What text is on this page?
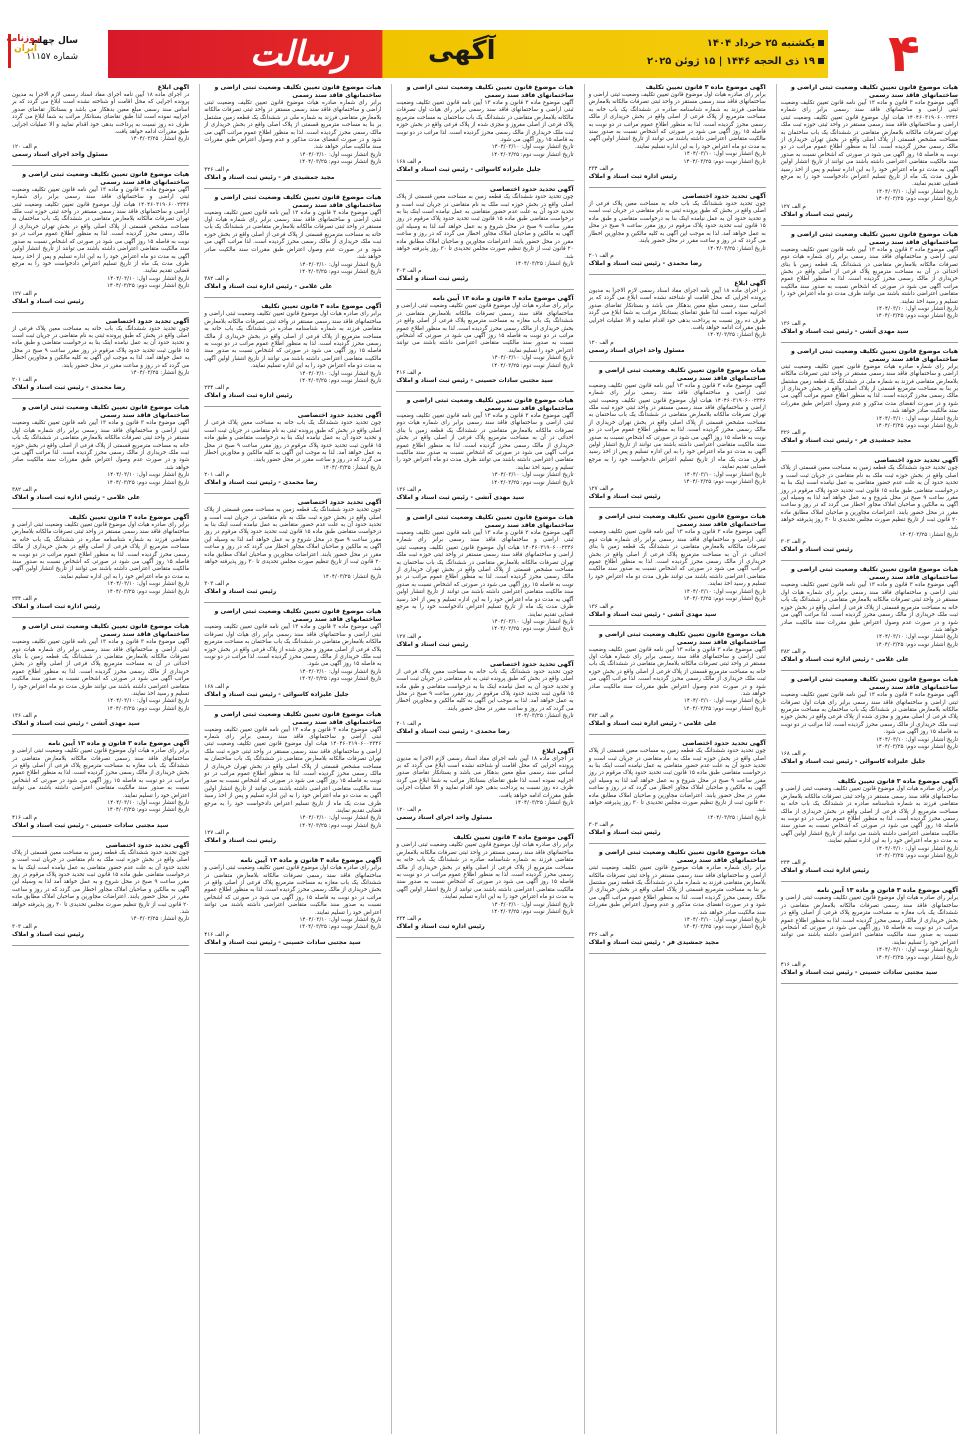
۴
یکشنبه ۲۵ خرداد ۱۴۰۴
۱۹ ذی الحجه ۱۴۴۶ | ۱۵ ژوئن ۲۰۲۵
آگهی
رسالت
سال چهلم
شماره ۱۱۱۵۷
روزنامه
ایران
هیات موضوع قانون تعیین تکلیف وضعیت ثبتی اراضی و ساختمانهای فاقد سند رسمی
آگهی موضوع ماده ۳ قانون و ماده ۱۳ آیین نامه قانون تعیین تکلیف وضعیت ثبتی اراضی و ساختمانهای فاقد سند رسمی برابر رای شماره ۱۴۰۴۶۰۳۱۹۰۶۰۰۲۳۴۶ هیات اول موضوع قانون تعیین تکلیف وضعیت ثبتی اراضی و ساختمانهای فاقد سند رسمی مستقر در واحد ثبتی حوزه ثبت ملک تهران تصرفات مالکانه بلامعارض متقاضی در ششدانگ یک باب ساختمان به مساحت مشخص قسمتی از پلاک اصلی واقع در بخش تهران خریداری از مالک رسمی محرز گردیده است. لذا به منظور اطلاع عموم مراتب در دو نوبت به فاصله ۱۵ روز آگهی می شود در صورتی که اشخاص نسبت به صدور سند مالکیت متقاضی اعتراضی داشته باشند می توانند از تاریخ انتشار اولین آگهی به مدت دو ماه اعتراض خود را به این اداره تسلیم و پس از اخذ رسید ظرف مدت یک ماه از تاریخ تسلیم اعتراض دادخواست خود را به مرجع قضایی تقدیم نمایند.
تاریخ انتشار نوبت اول: ۱۴۰۴/۰۳/۱۰
تاریخ انتشار نوبت دوم: ۱۴۰۴/۰۳/۲۵
م الف ۱۲۷
رئیس ثبت اسناد و املاک
هیات موضوع قانون تعیین تکلیف وضعیت ثبتی اراضی و ساختمانهای فاقد سند رسمی
آگهی موضوع ماده ۳ قانون و ماده ۱۳ آیین نامه قانون تعیین تکلیف وضعیت ثبتی اراضی و ساختمانهای فاقد سند رسمی برابر رای شماره هیات دوم تصرفات مالکانه بلامعارض متقاضی در ششدانگ یک قطعه زمین با بنای احداثی در آن به مساحت مترمربع پلاک فرعی از اصلی واقع در بخش خریداری از مالک رسمی محرز گردیده است. لذا به منظور اطلاع عموم مراتب آگهی می شود در صورتی که اشخاص نسبت به صدور سند مالکیت متقاضی اعتراضی داشته باشند می توانند ظرف مدت دو ماه اعتراض خود را تسلیم و رسید اخذ نمایند.
تاریخ انتشار نوبت اول: ۱۴۰۴/۰۳/۱۰
تاریخ انتشار نوبت دوم: ۱۴۰۴/۰۳/۲۵
م الف ۱۳۶
سید مهدی آتشی - رئیس ثبت اسناد و املاک
هیات موضوع قانون تعیین تکلیف وضعیت ثبتی اراضی و ساختمانهای فاقد سند رسمی
برابر رای شماره صادره هیات موضوع قانون تعیین تکلیف وضعیت ثبتی اراضی و ساختمانهای فاقد سند رسمی مستقر در واحد ثبتی تصرفات مالکانه بلامعارض متقاضی فرزند به شماره ملی در ششدانگ یک قطعه زمین مشتمل بر بنا به مساحت مترمربع قسمتی از پلاک اصلی واقع در بخش خریداری از مالک رسمی محرز گردیده است. لذا به منظور اطلاع عموم مراتب آگهی می شود و در صورت انقضای مدت مذکور و عدم وصول اعتراض طبق مقررات سند مالکیت صادر خواهد شد.
تاریخ انتشار نوبت اول: ۱۴۰۴/۰۳/۱۰
تاریخ انتشار نوبت دوم: ۱۴۰۴/۰۳/۲۵
م الف ۳۲۶
مجید جمشیدی فر - رئیس ثبت اسناد و املاک
آگهی تحدید حدود اختصاصی
چون تحدید حدود ششدانگ یک قطعه زمین به مساحت معین قسمتی از پلاک اصلی واقع در بخش حوزه ثبت ملک به نام متقاضی در جریان ثبت است و تحدید حدود آن به علت عدم حضور متقاضی به عمل نیامده است اینک بنا به درخواست متقاضی طبق ماده ۱۵ قانون ثبت تحدید حدود پلاک مرقوم در روز مقرر ساعت ۹ صبح در محل شروع و به عمل خواهد آمد لذا به وسیله این آگهی به مالکین و صاحبان املاک مجاور اخطار می گردد که در روز و ساعت مقرر در محل حضور یابند. اعتراضات مجاورین و صاحبان املاک مطابق ماده ۲۰ قانون ثبت از تاریخ تنظیم صورت مجلس تحدیدی تا ۳۰ روز پذیرفته خواهد شد.
تاریخ انتشار: ۱۴۰۴/۰۳/۲۵
م الف ۳۰۳
رئیس ثبت اسناد و املاک
هیات موضوع قانون تعیین تکلیف وضعیت ثبتی اراضی و ساختمانهای فاقد سند رسمی
آگهی موضوع ماده ۳ قانون و ماده ۱۳ آیین نامه قانون تعیین تکلیف وضعیت ثبتی اراضی و ساختمانهای فاقد سند رسمی برابر رای شماره هیات اول مستقر در واحد ثبتی تصرفات مالکانه بلامعارض متقاضی در ششدانگ یک باب خانه به مساحت مترمربع قسمتی از پلاک فرعی از اصلی واقع در بخش حوزه ثبت ملک خریداری از مالک رسمی محرز گردیده است. لذا مراتب آگهی می شود و در صورت عدم وصول اعتراض طبق مقررات سند مالکیت صادر خواهد شد.
تاریخ انتشار نوبت اول: ۱۴۰۴/۰۳/۱۰
تاریخ انتشار نوبت دوم: ۱۴۰۴/۰۳/۲۵
م الف ۳۸۲
علی غلامی - رئیس اداره ثبت اسناد و املاک
هیات موضوع قانون تعیین تکلیف وضعیت ثبتی اراضی و ساختمانهای فاقد سند رسمی
آگهی موضوع ماده ۳ قانون و ماده ۱۳ آیین نامه قانون تعیین تکلیف وضعیت ثبتی اراضی و ساختمانهای فاقد سند رسمی برابر رای هیات اول تصرفات مالکانه بلامعارض متقاضی در ششدانگ یک باب ساختمان به مساحت مترمربع پلاک فرعی از اصلی مفروز و مجزی شده از پلاک فرعی واقع در بخش حوزه ثبت ملک خریداری از مالک رسمی محرز گردیده است. لذا مراتب در دو نوبت به فاصله ۱۵ روز آگهی می شود.
تاریخ انتشار نوبت اول: ۱۴۰۴/۰۳/۱۰
تاریخ انتشار نوبت دوم: ۱۴۰۴/۰۳/۲۵
م الف ۱۶۸
جلیل علیزاده کاسوائی - رئیس ثبت اسناد و املاک
آگهی موضوع ماده ۳ قانون تعیین تکلیف
برابر رای صادره هیات اول موضوع قانون تعیین تکلیف وضعیت ثبتی اراضی و ساختمانهای فاقد سند رسمی مستقر در واحد ثبتی تصرفات مالکانه بلامعارض متقاضی فرزند به شماره شناسنامه صادره در ششدانگ یک باب خانه به مساحت مترمربع از پلاک فرعی از اصلی واقع در بخش خریداری از مالک رسمی محرز گردیده است. لذا به منظور اطلاع عموم مراتب در دو نوبت به فاصله ۱۵ روز آگهی می شود در صورتی که اشخاص نسبت به صدور سند مالکیت متقاضی اعتراضی داشته باشند می توانند از تاریخ انتشار اولین آگهی به مدت دو ماه اعتراض خود را به این اداره تسلیم نمایند.
تاریخ انتشار نوبت اول: ۱۴۰۴/۰۳/۱۰
تاریخ انتشار نوبت دوم: ۱۴۰۴/۰۳/۲۵
م الف ۲۳۴
رئیس اداره ثبت اسناد و املاک
آگهی موضوع ماده ۳ قانون و ماده ۱۳ آیین نامه
برابر رای صادره هیات اول موضوع قانون تعیین تکلیف وضعیت ثبتی اراضی و ساختمانهای فاقد سند رسمی تصرفات مالکانه بلامعارض متقاضی در ششدانگ یک باب مغازه به مساحت مترمربع پلاک فرعی از اصلی واقع در بخش خریداری از مالک رسمی محرز گردیده است. لذا به منظور اطلاع عموم مراتب در دو نوبت به فاصله ۱۵ روز آگهی می شود در صورتی که اشخاص نسبت به صدور سند مالکیت متقاضی اعتراضی داشته باشند می توانند اعتراض خود را تسلیم نمایند.
تاریخ انتشار نوبت اول: ۱۴۰۴/۰۳/۱۰
تاریخ انتشار نوبت دوم: ۱۴۰۴/۰۳/۲۵
م الف ۴۱۶
سید مجتبی سادات حسینی - رئیس ثبت اسناد و املاک
آگهی موضوع ماده ۳ قانون تعیین تکلیف
برابر رای صادره هیات اول موضوع قانون تعیین تکلیف وضعیت ثبتی اراضی و ساختمانهای فاقد سند رسمی مستقر در واحد ثبتی تصرفات مالکانه بلامعارض متقاضی فرزند به شماره شناسنامه صادره در ششدانگ یک باب خانه به مساحت مترمربع از پلاک فرعی از اصلی واقع در بخش خریداری از مالک رسمی محرز گردیده است. لذا به منظور اطلاع عموم مراتب در دو نوبت به فاصله ۱۵ روز آگهی می شود در صورتی که اشخاص نسبت به صدور سند مالکیت متقاضی اعتراضی داشته باشند می توانند از تاریخ انتشار اولین آگهی به مدت دو ماه اعتراض خود را به این اداره تسلیم نمایند.
تاریخ انتشار نوبت اول: ۱۴۰۴/۰۳/۱۰
تاریخ انتشار نوبت دوم: ۱۴۰۴/۰۳/۲۵
م الف ۲۳۴
رئیس اداره ثبت اسناد و املاک
آگهی تحدید حدود اختصاصی
چون تحدید حدود ششدانگ یک باب خانه به مساحت معین پلاک فرعی از اصلی واقع در بخش که طبق پرونده ثبتی به نام متقاضی در جریان ثبت است و تحدید حدود آن به عمل نیامده اینک بنا به درخواست متقاضی و طبق ماده ۱۵ قانون ثبت تحدید حدود پلاک مرقوم در روز مقرر ساعت ۹ صبح در محل به عمل خواهد آمد. لذا به موجب این آگهی به کلیه مالکین و مجاورین اخطار می گردد که در روز و ساعت مقرر در محل حضور یابند.
تاریخ انتشار: ۱۴۰۴/۰۳/۲۵
م الف ۲۰۱
رضا محمدی - رئیس ثبت اسناد و املاک
آگهی ابلاغ
در اجرای ماده ۱۸ آیین نامه اجرای مفاد اسناد رسمی لازم الاجرا به مدیون پرونده اجرایی که محل اقامت او شناخته نشده است ابلاغ می گردد که بر اساس سند رسمی مبلغ معین بدهکار می باشد و بستانکار تقاضای صدور اجراییه نموده است لذا طبق تقاضای بستانکار مراتب به شما ابلاغ می گردد ظرف ده روز نسبت به پرداخت بدهی خود اقدام نمایید و الا عملیات اجرایی طبق مقررات ادامه خواهد یافت.
تاریخ انتشار: ۱۴۰۴/۰۳/۲۵
م الف ۱۲۰
مسئول واحد اجرای اسناد رسمی
هیات موضوع قانون تعیین تکلیف وضعیت ثبتی اراضی و ساختمانهای فاقد سند رسمی
آگهی موضوع ماده ۳ قانون و ماده ۱۳ آیین نامه قانون تعیین تکلیف وضعیت ثبتی اراضی و ساختمانهای فاقد سند رسمی برابر رای شماره ۱۴۰۴۶۰۳۱۹۰۶۰۰۲۳۴۶ هیات اول موضوع قانون تعیین تکلیف وضعیت ثبتی اراضی و ساختمانهای فاقد سند رسمی مستقر در واحد ثبتی حوزه ثبت ملک تهران تصرفات مالکانه بلامعارض متقاضی در ششدانگ یک باب ساختمان به مساحت مشخص قسمتی از پلاک اصلی واقع در بخش تهران خریداری از مالک رسمی محرز گردیده است. لذا به منظور اطلاع عموم مراتب در دو نوبت به فاصله ۱۵ روز آگهی می شود در صورتی که اشخاص نسبت به صدور سند مالکیت متقاضی اعتراضی داشته باشند می توانند از تاریخ انتشار اولین آگهی به مدت دو ماه اعتراض خود را به این اداره تسلیم و پس از اخذ رسید ظرف مدت یک ماه از تاریخ تسلیم اعتراض دادخواست خود را به مرجع قضایی تقدیم نمایند.
تاریخ انتشار نوبت اول: ۱۴۰۴/۰۳/۱۰
تاریخ انتشار نوبت دوم: ۱۴۰۴/۰۳/۲۵
م الف ۱۲۷
رئیس ثبت اسناد و املاک
هیات موضوع قانون تعیین تکلیف وضعیت ثبتی اراضی و ساختمانهای فاقد سند رسمی
آگهی موضوع ماده ۳ قانون و ماده ۱۳ آیین نامه قانون تعیین تکلیف وضعیت ثبتی اراضی و ساختمانهای فاقد سند رسمی برابر رای شماره هیات دوم تصرفات مالکانه بلامعارض متقاضی در ششدانگ یک قطعه زمین با بنای احداثی در آن به مساحت مترمربع پلاک فرعی از اصلی واقع در بخش خریداری از مالک رسمی محرز گردیده است. لذا به منظور اطلاع عموم مراتب آگهی می شود در صورتی که اشخاص نسبت به صدور سند مالکیت متقاضی اعتراضی داشته باشند می توانند ظرف مدت دو ماه اعتراض خود را تسلیم و رسید اخذ نمایند.
تاریخ انتشار نوبت اول: ۱۴۰۴/۰۳/۱۰
تاریخ انتشار نوبت دوم: ۱۴۰۴/۰۳/۲۵
م الف ۱۳۶
سید مهدی آتشی - رئیس ثبت اسناد و املاک
هیات موضوع قانون تعیین تکلیف وضعیت ثبتی اراضی و ساختمانهای فاقد سند رسمی
آگهی موضوع ماده ۳ قانون و ماده ۱۳ آیین نامه قانون تعیین تکلیف وضعیت ثبتی اراضی و ساختمانهای فاقد سند رسمی برابر رای شماره هیات اول مستقر در واحد ثبتی تصرفات مالکانه بلامعارض متقاضی در ششدانگ یک باب خانه به مساحت مترمربع قسمتی از پلاک فرعی از اصلی واقع در بخش حوزه ثبت ملک خریداری از مالک رسمی محرز گردیده است. لذا مراتب آگهی می شود و در صورت عدم وصول اعتراض طبق مقررات سند مالکیت صادر خواهد شد.
تاریخ انتشار نوبت اول: ۱۴۰۴/۰۳/۱۰
تاریخ انتشار نوبت دوم: ۱۴۰۴/۰۳/۲۵
م الف ۳۸۲
علی غلامی - رئیس اداره ثبت اسناد و املاک
آگهی تحدید حدود اختصاصی
چون تحدید حدود ششدانگ یک قطعه زمین به مساحت معین قسمتی از پلاک اصلی واقع در بخش حوزه ثبت ملک به نام متقاضی در جریان ثبت است و تحدید حدود آن به علت عدم حضور متقاضی به عمل نیامده است اینک بنا به درخواست متقاضی طبق ماده ۱۵ قانون ثبت تحدید حدود پلاک مرقوم در روز مقرر ساعت ۹ صبح در محل شروع و به عمل خواهد آمد لذا به وسیله این آگهی به مالکین و صاحبان املاک مجاور اخطار می گردد که در روز و ساعت مقرر در محل حضور یابند. اعتراضات مجاورین و صاحبان املاک مطابق ماده ۲۰ قانون ثبت از تاریخ تنظیم صورت مجلس تحدیدی تا ۳۰ روز پذیرفته خواهد شد.
تاریخ انتشار: ۱۴۰۴/۰۳/۲۵
م الف ۳۰۳
رئیس ثبت اسناد و املاک
هیات موضوع قانون تعیین تکلیف وضعیت ثبتی اراضی و ساختمانهای فاقد سند رسمی
برابر رای شماره صادره هیات موضوع قانون تعیین تکلیف وضعیت ثبتی اراضی و ساختمانهای فاقد سند رسمی مستقر در واحد ثبتی تصرفات مالکانه بلامعارض متقاضی فرزند به شماره ملی در ششدانگ یک قطعه زمین مشتمل بر بنا به مساحت مترمربع قسمتی از پلاک اصلی واقع در بخش خریداری از مالک رسمی محرز گردیده است. لذا به منظور اطلاع عموم مراتب آگهی می شود و در صورت انقضای مدت مذکور و عدم وصول اعتراض طبق مقررات سند مالکیت صادر خواهد شد.
تاریخ انتشار نوبت اول: ۱۴۰۴/۰۳/۱۰
تاریخ انتشار نوبت دوم: ۱۴۰۴/۰۳/۲۵
م الف ۳۲۶
مجید جمشیدی فر - رئیس ثبت اسناد و املاک
هیات موضوع قانون تعیین تکلیف وضعیت ثبتی اراضی و ساختمانهای فاقد سند رسمی
آگهی موضوع ماده ۳ قانون و ماده ۱۳ آیین نامه قانون تعیین تکلیف وضعیت ثبتی اراضی و ساختمانهای فاقد سند رسمی برابر رای هیات اول تصرفات مالکانه بلامعارض متقاضی در ششدانگ یک باب ساختمان به مساحت مترمربع پلاک فرعی از اصلی مفروز و مجزی شده از پلاک فرعی واقع در بخش حوزه ثبت ملک خریداری از مالک رسمی محرز گردیده است. لذا مراتب در دو نوبت به فاصله ۱۵ روز آگهی می شود.
تاریخ انتشار نوبت اول: ۱۴۰۴/۰۳/۱۰
تاریخ انتشار نوبت دوم: ۱۴۰۴/۰۳/۲۵
م الف ۱۶۸
جلیل علیزاده کاسوائی - رئیس ثبت اسناد و املاک
آگهی تحدید حدود اختصاصی
چون تحدید حدود ششدانگ یک قطعه زمین به مساحت معین قسمتی از پلاک اصلی واقع در بخش حوزه ثبت ملک به نام متقاضی در جریان ثبت است و تحدید حدود آن به علت عدم حضور متقاضی به عمل نیامده است اینک بنا به درخواست متقاضی طبق ماده ۱۵ قانون ثبت تحدید حدود پلاک مرقوم در روز مقرر ساعت ۹ صبح در محل شروع و به عمل خواهد آمد لذا به وسیله این آگهی به مالکین و صاحبان املاک مجاور اخطار می گردد که در روز و ساعت مقرر در محل حضور یابند. اعتراضات مجاورین و صاحبان املاک مطابق ماده ۲۰ قانون ثبت از تاریخ تنظیم صورت مجلس تحدیدی تا ۳۰ روز پذیرفته خواهد شد.
تاریخ انتشار: ۱۴۰۴/۰۳/۲۵
م الف ۳۰۳
رئیس ثبت اسناد و املاک
آگهی موضوع ماده ۳ قانون و ماده ۱۳ آیین نامه
برابر رای صادره هیات اول موضوع قانون تعیین تکلیف وضعیت ثبتی اراضی و ساختمانهای فاقد سند رسمی تصرفات مالکانه بلامعارض متقاضی در ششدانگ یک باب مغازه به مساحت مترمربع پلاک فرعی از اصلی واقع در بخش خریداری از مالک رسمی محرز گردیده است. لذا به منظور اطلاع عموم مراتب در دو نوبت به فاصله ۱۵ روز آگهی می شود در صورتی که اشخاص نسبت به صدور سند مالکیت متقاضی اعتراضی داشته باشند می توانند اعتراض خود را تسلیم نمایند.
تاریخ انتشار نوبت اول: ۱۴۰۴/۰۳/۱۰
تاریخ انتشار نوبت دوم: ۱۴۰۴/۰۳/۲۵
م الف ۴۱۶
سید مجتبی سادات حسینی - رئیس ثبت اسناد و املاک
هیات موضوع قانون تعیین تکلیف وضعیت ثبتی اراضی و ساختمانهای فاقد سند رسمی
آگهی موضوع ماده ۳ قانون و ماده ۱۳ آیین نامه قانون تعیین تکلیف وضعیت ثبتی اراضی و ساختمانهای فاقد سند رسمی برابر رای شماره هیات دوم تصرفات مالکانه بلامعارض متقاضی در ششدانگ یک قطعه زمین با بنای احداثی در آن به مساحت مترمربع پلاک فرعی از اصلی واقع در بخش خریداری از مالک رسمی محرز گردیده است. لذا به منظور اطلاع عموم مراتب آگهی می شود در صورتی که اشخاص نسبت به صدور سند مالکیت متقاضی اعتراضی داشته باشند می توانند ظرف مدت دو ماه اعتراض خود را تسلیم و رسید اخذ نمایند.
تاریخ انتشار نوبت اول: ۱۴۰۴/۰۳/۱۰
تاریخ انتشار نوبت دوم: ۱۴۰۴/۰۳/۲۵
م الف ۱۳۶
سید مهدی آتشی - رئیس ثبت اسناد و املاک
هیات موضوع قانون تعیین تکلیف وضعیت ثبتی اراضی و ساختمانهای فاقد سند رسمی
آگهی موضوع ماده ۳ قانون و ماده ۱۳ آیین نامه قانون تعیین تکلیف وضعیت ثبتی اراضی و ساختمانهای فاقد سند رسمی برابر رای شماره ۱۴۰۴۶۰۳۱۹۰۶۰۰۲۳۴۶ هیات اول موضوع قانون تعیین تکلیف وضعیت ثبتی اراضی و ساختمانهای فاقد سند رسمی مستقر در واحد ثبتی حوزه ثبت ملک تهران تصرفات مالکانه بلامعارض متقاضی در ششدانگ یک باب ساختمان به مساحت مشخص قسمتی از پلاک اصلی واقع در بخش تهران خریداری از مالک رسمی محرز گردیده است. لذا به منظور اطلاع عموم مراتب در دو نوبت به فاصله ۱۵ روز آگهی می شود در صورتی که اشخاص نسبت به صدور سند مالکیت متقاضی اعتراضی داشته باشند می توانند از تاریخ انتشار اولین آگهی به مدت دو ماه اعتراض خود را به این اداره تسلیم و پس از اخذ رسید ظرف مدت یک ماه از تاریخ تسلیم اعتراض دادخواست خود را به مرجع قضایی تقدیم نمایند.
تاریخ انتشار نوبت اول: ۱۴۰۴/۰۳/۱۰
تاریخ انتشار نوبت دوم: ۱۴۰۴/۰۳/۲۵
م الف ۱۲۷
رئیس ثبت اسناد و املاک
آگهی تحدید حدود اختصاصی
چون تحدید حدود ششدانگ یک باب خانه به مساحت معین پلاک فرعی از اصلی واقع در بخش که طبق پرونده ثبتی به نام متقاضی در جریان ثبت است و تحدید حدود آن به عمل نیامده اینک بنا به درخواست متقاضی و طبق ماده ۱۵ قانون ثبت تحدید حدود پلاک مرقوم در روز مقرر ساعت ۹ صبح در محل به عمل خواهد آمد. لذا به موجب این آگهی به کلیه مالکین و مجاورین اخطار می گردد که در روز و ساعت مقرر در محل حضور یابند.
تاریخ انتشار: ۱۴۰۴/۰۳/۲۵
م الف ۲۰۱
رضا محمدی - رئیس ثبت اسناد و املاک
آگهی ابلاغ
در اجرای ماده ۱۸ آیین نامه اجرای مفاد اسناد رسمی لازم الاجرا به مدیون پرونده اجرایی که محل اقامت او شناخته نشده است ابلاغ می گردد که بر اساس سند رسمی مبلغ معین بدهکار می باشد و بستانکار تقاضای صدور اجراییه نموده است لذا طبق تقاضای بستانکار مراتب به شما ابلاغ می گردد ظرف ده روز نسبت به پرداخت بدهی خود اقدام نمایید و الا عملیات اجرایی طبق مقررات ادامه خواهد یافت.
تاریخ انتشار: ۱۴۰۴/۰۳/۲۵
م الف ۱۲۰
مسئول واحد اجرای اسناد رسمی
آگهی موضوع ماده ۳ قانون تعیین تکلیف
برابر رای صادره هیات اول موضوع قانون تعیین تکلیف وضعیت ثبتی اراضی و ساختمانهای فاقد سند رسمی مستقر در واحد ثبتی تصرفات مالکانه بلامعارض متقاضی فرزند به شماره شناسنامه صادره در ششدانگ یک باب خانه به مساحت مترمربع از پلاک فرعی از اصلی واقع در بخش خریداری از مالک رسمی محرز گردیده است. لذا به منظور اطلاع عموم مراتب در دو نوبت به فاصله ۱۵ روز آگهی می شود در صورتی که اشخاص نسبت به صدور سند مالکیت متقاضی اعتراضی داشته باشند می توانند از تاریخ انتشار اولین آگهی به مدت دو ماه اعتراض خود را به این اداره تسلیم نمایند.
تاریخ انتشار نوبت اول: ۱۴۰۴/۰۳/۱۰
تاریخ انتشار نوبت دوم: ۱۴۰۴/۰۳/۲۵
م الف ۲۳۴
رئیس اداره ثبت اسناد و املاک
هیات موضوع قانون تعیین تکلیف وضعیت ثبتی اراضی و ساختمانهای فاقد سند رسمی
برابر رای شماره صادره هیات موضوع قانون تعیین تکلیف وضعیت ثبتی اراضی و ساختمانهای فاقد سند رسمی مستقر در واحد ثبتی تصرفات مالکانه بلامعارض متقاضی فرزند به شماره ملی در ششدانگ یک قطعه زمین مشتمل بر بنا به مساحت مترمربع قسمتی از پلاک اصلی واقع در بخش خریداری از مالک رسمی محرز گردیده است. لذا به منظور اطلاع عموم مراتب آگهی می شود و در صورت انقضای مدت مذکور و عدم وصول اعتراض طبق مقررات سند مالکیت صادر خواهد شد.
تاریخ انتشار نوبت اول: ۱۴۰۴/۰۳/۱۰
تاریخ انتشار نوبت دوم: ۱۴۰۴/۰۳/۲۵
م الف ۳۲۶
مجید جمشیدی فر - رئیس ثبت اسناد و املاک
هیات موضوع قانون تعیین تکلیف وضعیت ثبتی اراضی و ساختمانهای فاقد سند رسمی
آگهی موضوع ماده ۳ قانون و ماده ۱۳ آیین نامه قانون تعیین تکلیف وضعیت ثبتی اراضی و ساختمانهای فاقد سند رسمی برابر رای شماره هیات اول مستقر در واحد ثبتی تصرفات مالکانه بلامعارض متقاضی در ششدانگ یک باب خانه به مساحت مترمربع قسمتی از پلاک فرعی از اصلی واقع در بخش حوزه ثبت ملک خریداری از مالک رسمی محرز گردیده است. لذا مراتب آگهی می شود و در صورت عدم وصول اعتراض طبق مقررات سند مالکیت صادر خواهد شد.
تاریخ انتشار نوبت اول: ۱۴۰۴/۰۳/۱۰
تاریخ انتشار نوبت دوم: ۱۴۰۴/۰۳/۲۵
م الف ۳۸۲
علی غلامی - رئیس اداره ثبت اسناد و املاک
آگهی موضوع ماده ۳ قانون تعیین تکلیف
برابر رای صادره هیات اول موضوع قانون تعیین تکلیف وضعیت ثبتی اراضی و ساختمانهای فاقد سند رسمی مستقر در واحد ثبتی تصرفات مالکانه بلامعارض متقاضی فرزند به شماره شناسنامه صادره در ششدانگ یک باب خانه به مساحت مترمربع از پلاک فرعی از اصلی واقع در بخش خریداری از مالک رسمی محرز گردیده است. لذا به منظور اطلاع عموم مراتب در دو نوبت به فاصله ۱۵ روز آگهی می شود در صورتی که اشخاص نسبت به صدور سند مالکیت متقاضی اعتراضی داشته باشند می توانند از تاریخ انتشار اولین آگهی به مدت دو ماه اعتراض خود را به این اداره تسلیم نمایند.
تاریخ انتشار نوبت اول: ۱۴۰۴/۰۳/۱۰
تاریخ انتشار نوبت دوم: ۱۴۰۴/۰۳/۲۵
م الف ۲۳۴
رئیس اداره ثبت اسناد و املاک
آگهی تحدید حدود اختصاصی
چون تحدید حدود ششدانگ یک باب خانه به مساحت معین پلاک فرعی از اصلی واقع در بخش که طبق پرونده ثبتی به نام متقاضی در جریان ثبت است و تحدید حدود آن به عمل نیامده اینک بنا به درخواست متقاضی و طبق ماده ۱۵ قانون ثبت تحدید حدود پلاک مرقوم در روز مقرر ساعت ۹ صبح در محل به عمل خواهد آمد. لذا به موجب این آگهی به کلیه مالکین و مجاورین اخطار می گردد که در روز و ساعت مقرر در محل حضور یابند.
تاریخ انتشار: ۱۴۰۴/۰۳/۲۵
م الف ۲۰۱
رضا محمدی - رئیس ثبت اسناد و املاک
آگهی تحدید حدود اختصاصی
چون تحدید حدود ششدانگ یک قطعه زمین به مساحت معین قسمتی از پلاک اصلی واقع در بخش حوزه ثبت ملک به نام متقاضی در جریان ثبت است و تحدید حدود آن به علت عدم حضور متقاضی به عمل نیامده است اینک بنا به درخواست متقاضی طبق ماده ۱۵ قانون ثبت تحدید حدود پلاک مرقوم در روز مقرر ساعت ۹ صبح در محل شروع و به عمل خواهد آمد لذا به وسیله این آگهی به مالکین و صاحبان املاک مجاور اخطار می گردد که در روز و ساعت مقرر در محل حضور یابند. اعتراضات مجاورین و صاحبان املاک مطابق ماده ۲۰ قانون ثبت از تاریخ تنظیم صورت مجلس تحدیدی تا ۳۰ روز پذیرفته خواهد شد.
تاریخ انتشار: ۱۴۰۴/۰۳/۲۵
م الف ۳۰۳
رئیس ثبت اسناد و املاک
هیات موضوع قانون تعیین تکلیف وضعیت ثبتی اراضی و ساختمانهای فاقد سند رسمی
آگهی موضوع ماده ۳ قانون و ماده ۱۳ آیین نامه قانون تعیین تکلیف وضعیت ثبتی اراضی و ساختمانهای فاقد سند رسمی برابر رای هیات اول تصرفات مالکانه بلامعارض متقاضی در ششدانگ یک باب ساختمان به مساحت مترمربع پلاک فرعی از اصلی مفروز و مجزی شده از پلاک فرعی واقع در بخش حوزه ثبت ملک خریداری از مالک رسمی محرز گردیده است. لذا مراتب در دو نوبت به فاصله ۱۵ روز آگهی می شود.
تاریخ انتشار نوبت اول: ۱۴۰۴/۰۳/۱۰
تاریخ انتشار نوبت دوم: ۱۴۰۴/۰۳/۲۵
م الف ۱۶۸
جلیل علیزاده کاسوائی - رئیس ثبت اسناد و املاک
هیات موضوع قانون تعیین تکلیف وضعیت ثبتی اراضی و ساختمانهای فاقد سند رسمی
آگهی موضوع ماده ۳ قانون و ماده ۱۳ آیین نامه قانون تعیین تکلیف وضعیت ثبتی اراضی و ساختمانهای فاقد سند رسمی برابر رای شماره ۱۴۰۴۶۰۳۱۹۰۶۰۰۲۳۴۶ هیات اول موضوع قانون تعیین تکلیف وضعیت ثبتی اراضی و ساختمانهای فاقد سند رسمی مستقر در واحد ثبتی حوزه ثبت ملک تهران تصرفات مالکانه بلامعارض متقاضی در ششدانگ یک باب ساختمان به مساحت مشخص قسمتی از پلاک اصلی واقع در بخش تهران خریداری از مالک رسمی محرز گردیده است. لذا به منظور اطلاع عموم مراتب در دو نوبت به فاصله ۱۵ روز آگهی می شود در صورتی که اشخاص نسبت به صدور سند مالکیت متقاضی اعتراضی داشته باشند می توانند از تاریخ انتشار اولین آگهی به مدت دو ماه اعتراض خود را به این اداره تسلیم و پس از اخذ رسید ظرف مدت یک ماه از تاریخ تسلیم اعتراض دادخواست خود را به مرجع قضایی تقدیم نمایند.
تاریخ انتشار نوبت اول: ۱۴۰۴/۰۳/۱۰
تاریخ انتشار نوبت دوم: ۱۴۰۴/۰۳/۲۵
م الف ۱۲۷
رئیس ثبت اسناد و املاک
آگهی موضوع ماده ۳ قانون و ماده ۱۳ آیین نامه
برابر رای صادره هیات اول موضوع قانون تعیین تکلیف وضعیت ثبتی اراضی و ساختمانهای فاقد سند رسمی تصرفات مالکانه بلامعارض متقاضی در ششدانگ یک باب مغازه به مساحت مترمربع پلاک فرعی از اصلی واقع در بخش خریداری از مالک رسمی محرز گردیده است. لذا به منظور اطلاع عموم مراتب در دو نوبت به فاصله ۱۵ روز آگهی می شود در صورتی که اشخاص نسبت به صدور سند مالکیت متقاضی اعتراضی داشته باشند می توانند اعتراض خود را تسلیم نمایند.
تاریخ انتشار نوبت اول: ۱۴۰۴/۰۳/۱۰
تاریخ انتشار نوبت دوم: ۱۴۰۴/۰۳/۲۵
م الف ۴۱۶
سید مجتبی سادات حسینی - رئیس ثبت اسناد و املاک
آگهی ابلاغ
در اجرای ماده ۱۸ آیین نامه اجرای مفاد اسناد رسمی لازم الاجرا به مدیون پرونده اجرایی که محل اقامت او شناخته نشده است ابلاغ می گردد که بر اساس سند رسمی مبلغ معین بدهکار می باشد و بستانکار تقاضای صدور اجراییه نموده است لذا طبق تقاضای بستانکار مراتب به شما ابلاغ می گردد ظرف ده روز نسبت به پرداخت بدهی خود اقدام نمایید و الا عملیات اجرایی طبق مقررات ادامه خواهد یافت.
تاریخ انتشار: ۱۴۰۴/۰۳/۲۵
م الف ۱۲۰
مسئول واحد اجرای اسناد رسمی
هیات موضوع قانون تعیین تکلیف وضعیت ثبتی اراضی و ساختمانهای فاقد سند رسمی
آگهی موضوع ماده ۳ قانون و ماده ۱۳ آیین نامه قانون تعیین تکلیف وضعیت ثبتی اراضی و ساختمانهای فاقد سند رسمی برابر رای شماره ۱۴۰۴۶۰۳۱۹۰۶۰۰۲۳۴۶ هیات اول موضوع قانون تعیین تکلیف وضعیت ثبتی اراضی و ساختمانهای فاقد سند رسمی مستقر در واحد ثبتی حوزه ثبت ملک تهران تصرفات مالکانه بلامعارض متقاضی در ششدانگ یک باب ساختمان به مساحت مشخص قسمتی از پلاک اصلی واقع در بخش تهران خریداری از مالک رسمی محرز گردیده است. لذا به منظور اطلاع عموم مراتب در دو نوبت به فاصله ۱۵ روز آگهی می شود در صورتی که اشخاص نسبت به صدور سند مالکیت متقاضی اعتراضی داشته باشند می توانند از تاریخ انتشار اولین آگهی به مدت دو ماه اعتراض خود را به این اداره تسلیم و پس از اخذ رسید ظرف مدت یک ماه از تاریخ تسلیم اعتراض دادخواست خود را به مرجع قضایی تقدیم نمایند.
تاریخ انتشار نوبت اول: ۱۴۰۴/۰۳/۱۰
تاریخ انتشار نوبت دوم: ۱۴۰۴/۰۳/۲۵
م الف ۱۲۷
رئیس ثبت اسناد و املاک
آگهی تحدید حدود اختصاصی
چون تحدید حدود ششدانگ یک باب خانه به مساحت معین پلاک فرعی از اصلی واقع در بخش که طبق پرونده ثبتی به نام متقاضی در جریان ثبت است و تحدید حدود آن به عمل نیامده اینک بنا به درخواست متقاضی و طبق ماده ۱۵ قانون ثبت تحدید حدود پلاک مرقوم در روز مقرر ساعت ۹ صبح در محل به عمل خواهد آمد. لذا به موجب این آگهی به کلیه مالکین و مجاورین اخطار می گردد که در روز و ساعت مقرر در محل حضور یابند.
تاریخ انتشار: ۱۴۰۴/۰۳/۲۵
م الف ۲۰۱
رضا محمدی - رئیس ثبت اسناد و املاک
هیات موضوع قانون تعیین تکلیف وضعیت ثبتی اراضی و ساختمانهای فاقد سند رسمی
آگهی موضوع ماده ۳ قانون و ماده ۱۳ آیین نامه قانون تعیین تکلیف وضعیت ثبتی اراضی و ساختمانهای فاقد سند رسمی برابر رای شماره هیات اول مستقر در واحد ثبتی تصرفات مالکانه بلامعارض متقاضی در ششدانگ یک باب خانه به مساحت مترمربع قسمتی از پلاک فرعی از اصلی واقع در بخش حوزه ثبت ملک خریداری از مالک رسمی محرز گردیده است. لذا مراتب آگهی می شود و در صورت عدم وصول اعتراض طبق مقررات سند مالکیت صادر خواهد شد.
تاریخ انتشار نوبت اول: ۱۴۰۴/۰۳/۱۰
تاریخ انتشار نوبت دوم: ۱۴۰۴/۰۳/۲۵
م الف ۳۸۲
علی غلامی - رئیس اداره ثبت اسناد و املاک
آگهی موضوع ماده ۳ قانون تعیین تکلیف
برابر رای صادره هیات اول موضوع قانون تعیین تکلیف وضعیت ثبتی اراضی و ساختمانهای فاقد سند رسمی مستقر در واحد ثبتی تصرفات مالکانه بلامعارض متقاضی فرزند به شماره شناسنامه صادره در ششدانگ یک باب خانه به مساحت مترمربع از پلاک فرعی از اصلی واقع در بخش خریداری از مالک رسمی محرز گردیده است. لذا به منظور اطلاع عموم مراتب در دو نوبت به فاصله ۱۵ روز آگهی می شود در صورتی که اشخاص نسبت به صدور سند مالکیت متقاضی اعتراضی داشته باشند می توانند از تاریخ انتشار اولین آگهی به مدت دو ماه اعتراض خود را به این اداره تسلیم نمایند.
تاریخ انتشار نوبت اول: ۱۴۰۴/۰۳/۱۰
تاریخ انتشار نوبت دوم: ۱۴۰۴/۰۳/۲۵
م الف ۲۳۴
رئیس اداره ثبت اسناد و املاک
هیات موضوع قانون تعیین تکلیف وضعیت ثبتی اراضی و ساختمانهای فاقد سند رسمی
آگهی موضوع ماده ۳ قانون و ماده ۱۳ آیین نامه قانون تعیین تکلیف وضعیت ثبتی اراضی و ساختمانهای فاقد سند رسمی برابر رای شماره هیات دوم تصرفات مالکانه بلامعارض متقاضی در ششدانگ یک قطعه زمین با بنای احداثی در آن به مساحت مترمربع پلاک فرعی از اصلی واقع در بخش خریداری از مالک رسمی محرز گردیده است. لذا به منظور اطلاع عموم مراتب آگهی می شود در صورتی که اشخاص نسبت به صدور سند مالکیت متقاضی اعتراضی داشته باشند می توانند ظرف مدت دو ماه اعتراض خود را تسلیم و رسید اخذ نمایند.
تاریخ انتشار نوبت اول: ۱۴۰۴/۰۳/۱۰
تاریخ انتشار نوبت دوم: ۱۴۰۴/۰۳/۲۵
م الف ۱۳۶
سید مهدی آتشی - رئیس ثبت اسناد و املاک
آگهی موضوع ماده ۳ قانون و ماده ۱۳ آیین نامه
برابر رای صادره هیات اول موضوع قانون تعیین تکلیف وضعیت ثبتی اراضی و ساختمانهای فاقد سند رسمی تصرفات مالکانه بلامعارض متقاضی در ششدانگ یک باب مغازه به مساحت مترمربع پلاک فرعی از اصلی واقع در بخش خریداری از مالک رسمی محرز گردیده است. لذا به منظور اطلاع عموم مراتب در دو نوبت به فاصله ۱۵ روز آگهی می شود در صورتی که اشخاص نسبت به صدور سند مالکیت متقاضی اعتراضی داشته باشند می توانند اعتراض خود را تسلیم نمایند.
تاریخ انتشار نوبت اول: ۱۴۰۴/۰۳/۱۰
تاریخ انتشار نوبت دوم: ۱۴۰۴/۰۳/۲۵
م الف ۴۱۶
سید مجتبی سادات حسینی - رئیس ثبت اسناد و املاک
آگهی تحدید حدود اختصاصی
چون تحدید حدود ششدانگ یک قطعه زمین به مساحت معین قسمتی از پلاک اصلی واقع در بخش حوزه ثبت ملک به نام متقاضی در جریان ثبت است و تحدید حدود آن به علت عدم حضور متقاضی به عمل نیامده است اینک بنا به درخواست متقاضی طبق ماده ۱۵ قانون ثبت تحدید حدود پلاک مرقوم در روز مقرر ساعت ۹ صبح در محل شروع و به عمل خواهد آمد لذا به وسیله این آگهی به مالکین و صاحبان املاک مجاور اخطار می گردد که در روز و ساعت مقرر در محل حضور یابند. اعتراضات مجاورین و صاحبان املاک مطابق ماده ۲۰ قانون ثبت از تاریخ تنظیم صورت مجلس تحدیدی تا ۳۰ روز پذیرفته خواهد شد.
تاریخ انتشار: ۱۴۰۴/۰۳/۲۵
م الف ۳۰۳
رئیس ثبت اسناد و املاک
